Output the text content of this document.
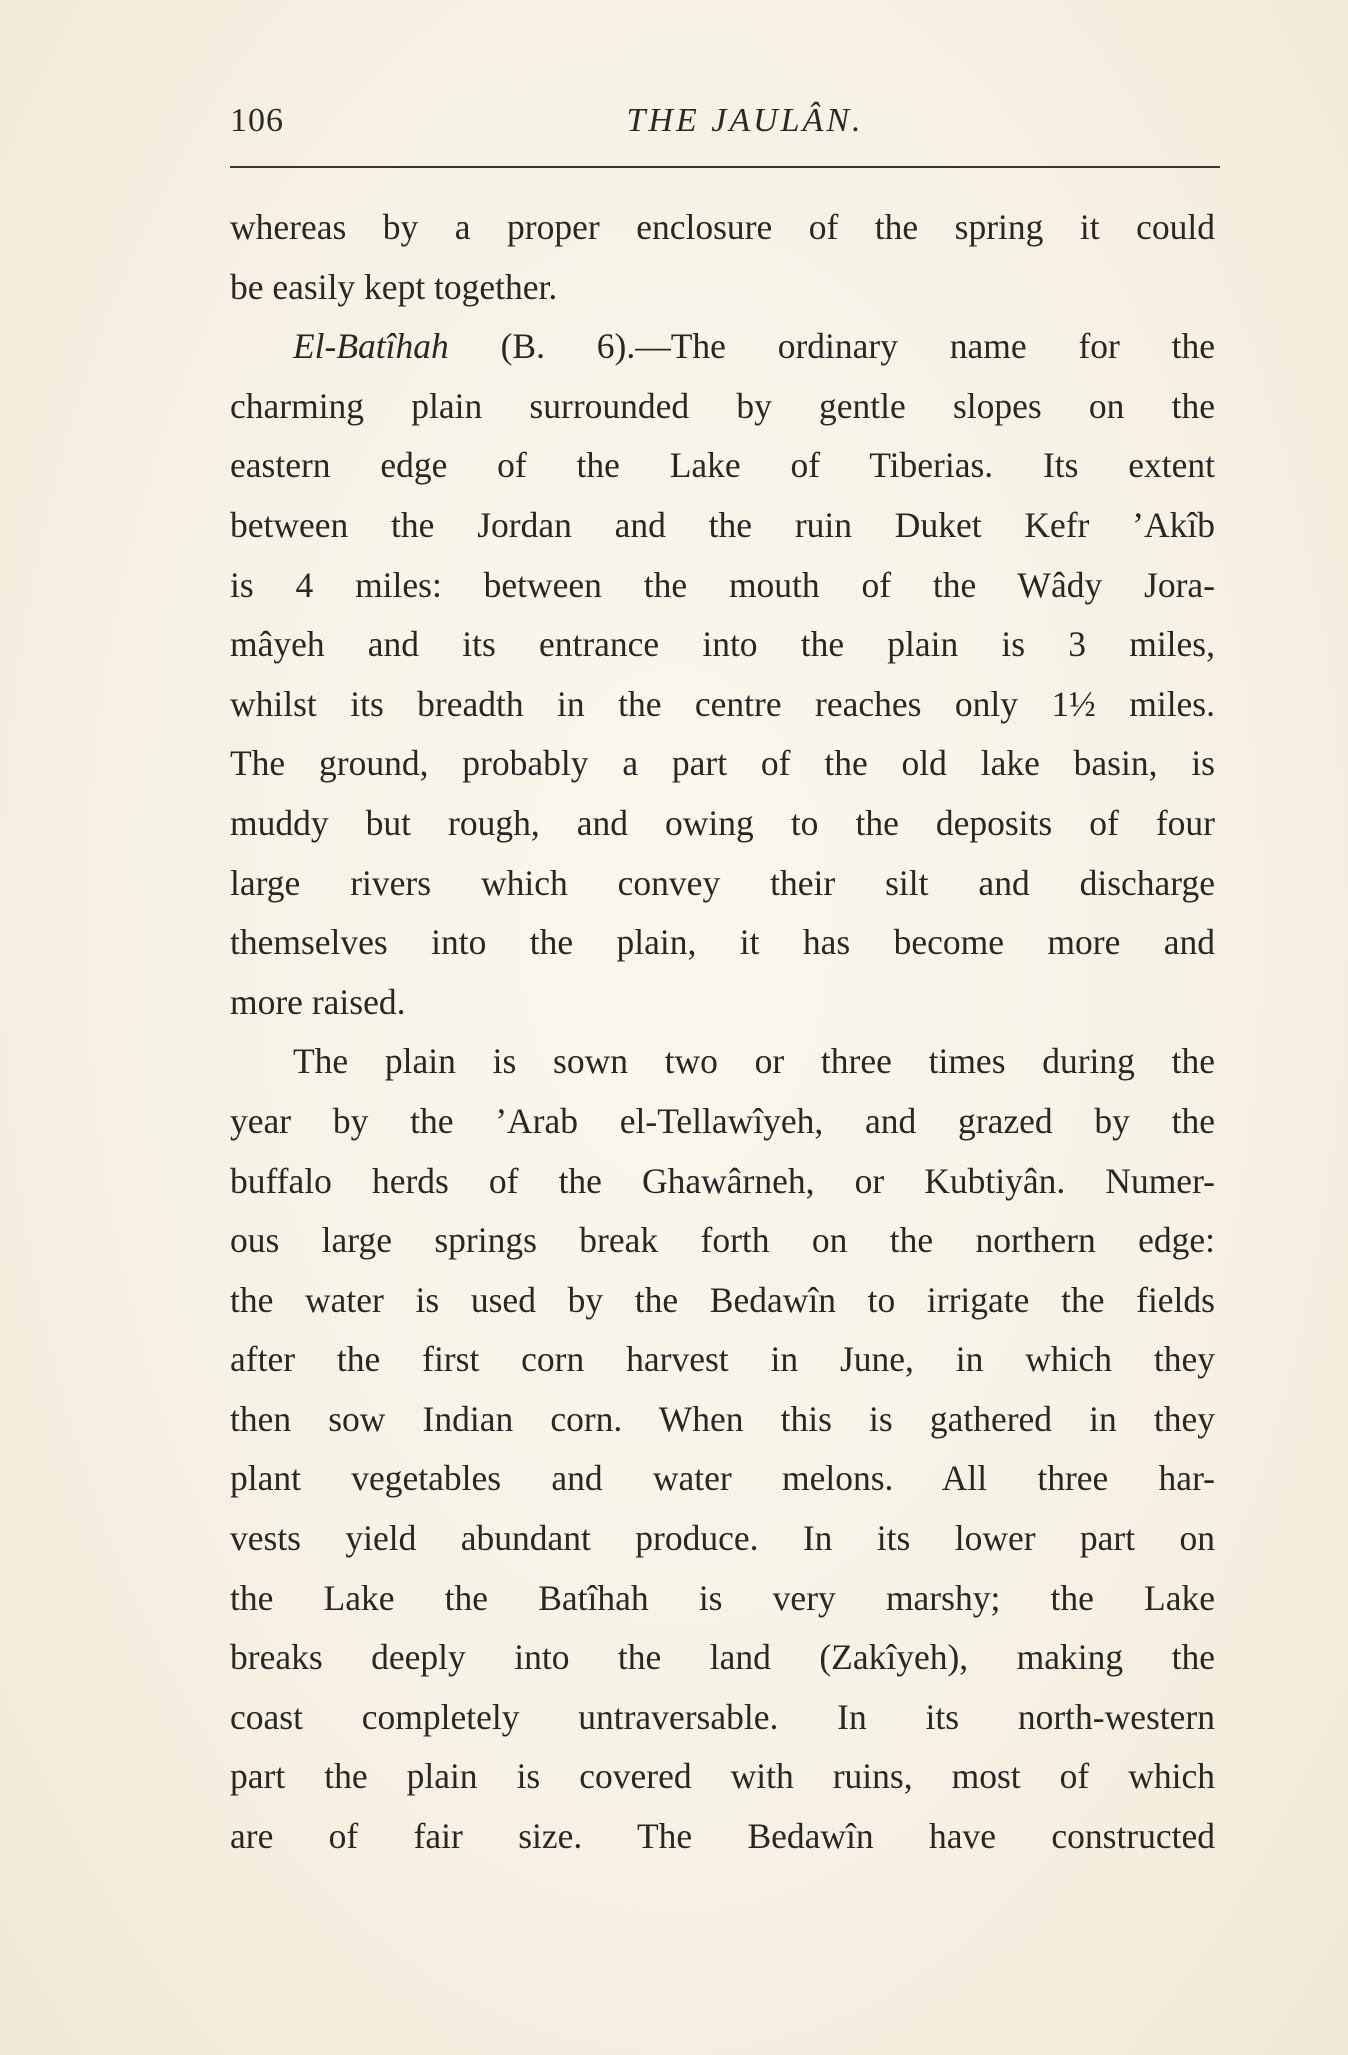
106	THE JAULÂN.
whereas by a proper enclosure of the spring it could
be easily kept together.
El-Batîhah (B. 6).—The ordinary name for the
charming plain surrounded by gentle slopes on the
eastern edge of the Lake of Tiberias. Its extent
between the Jordan and the ruin Duket Kefr ’Akîb
is 4 miles: between the mouth of the Wâdy Jora-
mâyeh and its entrance into the plain is 3 miles,
whilst its breadth in the centre reaches only 1½ miles.
The ground, probably a part of the old lake basin, is
muddy but rough, and owing to the deposits of four
large rivers which convey their silt and discharge
themselves into the plain, it has become more and
more raised.
The plain is sown two or three times during the
year by the ’Arab el-Tellawîyeh, and grazed by the
buffalo herds of the Ghawârneh, or Kubtiyân. Numer-
ous large springs break forth on the northern edge:
the water is used by the Bedawîn to irrigate the fields
after the first corn harvest in June, in which they
then sow Indian corn. When this is gathered in they
plant vegetables and water melons. All three har-
vests yield abundant produce. In its lower part on
the Lake the Batîhah is very marshy; the Lake
breaks deeply into the land (Zakîyeh), making the
coast completely untraversable. In its north-western
part the plain is covered with ruins, most of which
are of fair size. The Bedawîn have constructed
